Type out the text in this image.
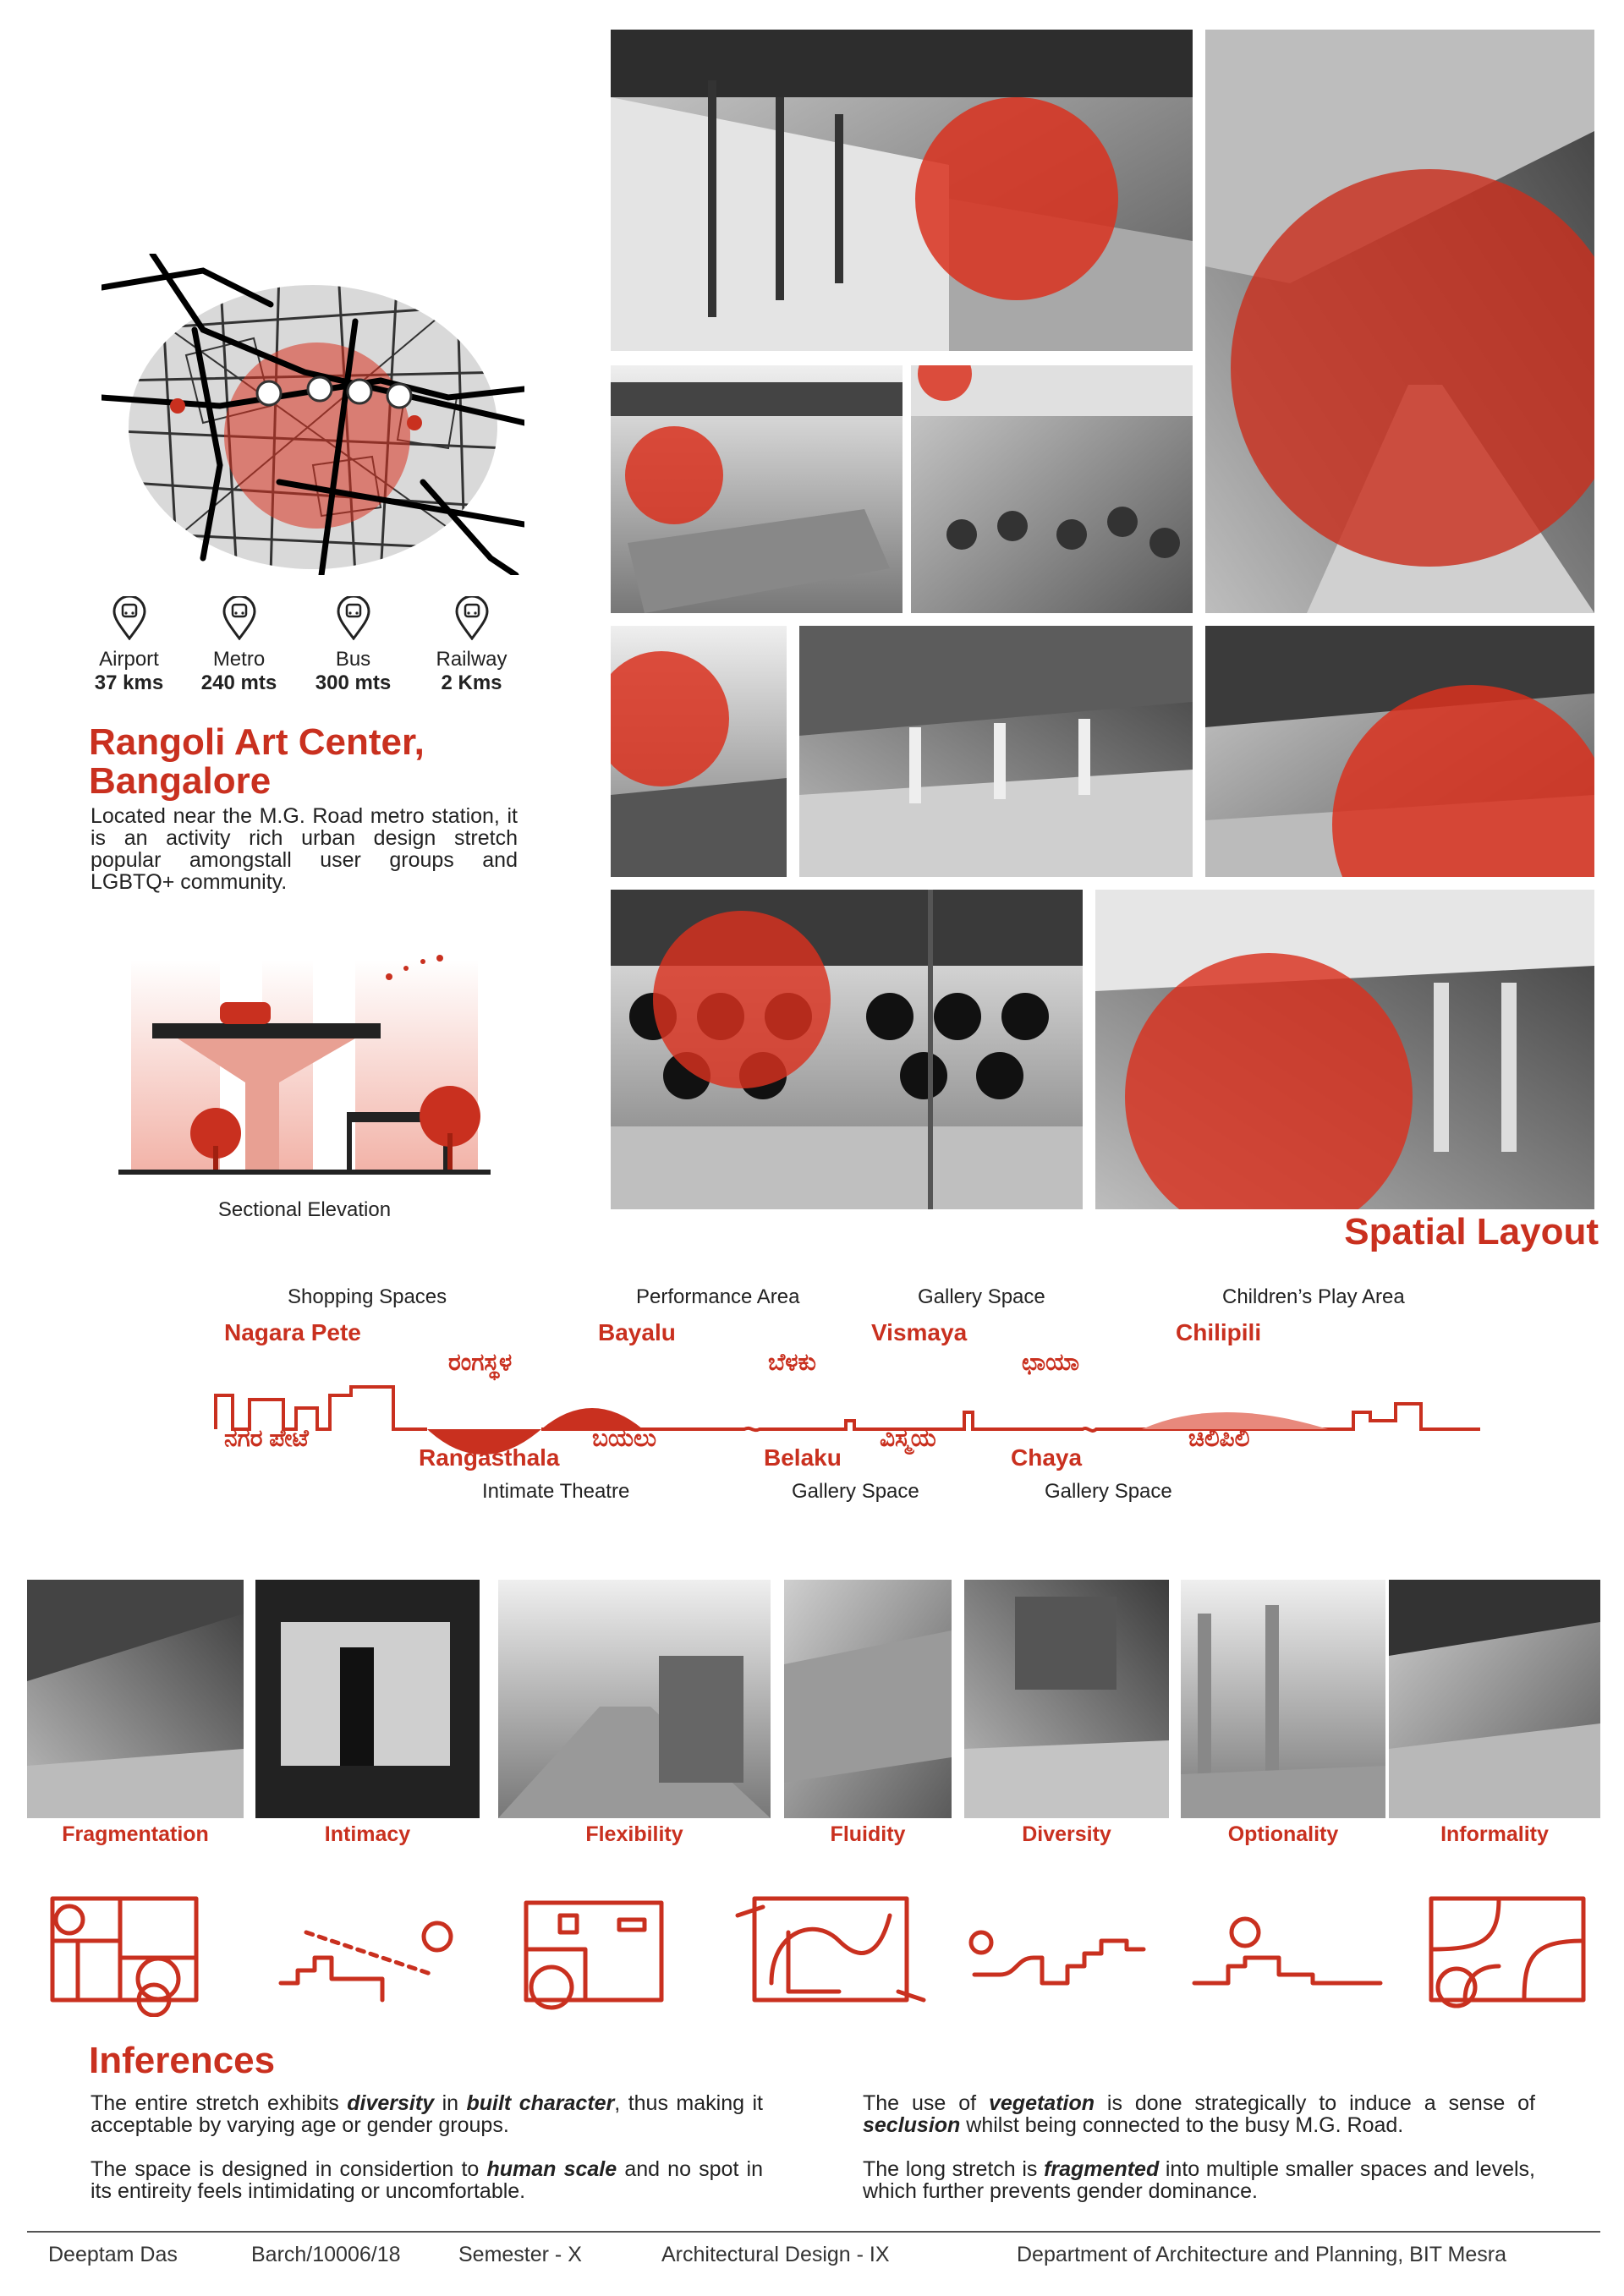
Airport
37 kms
Metro
240 mts
Bus
300 mts
Railway
2 Kms
Rangoli Art Center,
Bangalore
Located near the M.G. Road metro station, it is an activity rich urban design stretch popular amongstall user groups and LGBTQ+ community.
Sectional Elevation
Spatial Layout
Shopping Spaces
Nagara Pete
Performance Area
Bayalu
Gallery Space
Vismaya
Children’s Play Area
Chilipili
ರಂಗಸ್ಥಳ	ಬೆಳಕು	ಛಾಯಾ
ನಗರ ಪೇಟೆ	ಬಯಲು	ವಿಸ್ಮಯ	ಚಿಲಿಪಿಲಿ
Rangasthala
Intimate Theatre
Belaku
Gallery Space
Chaya
Gallery Space
Fragmentation	Intimacy	Flexibility	Fluidity	Diversity	Optionality	Informality
Inferences
The entire stretch exhibits diversity in built character, thus making it acceptable by varying age or gender groups.
The space is designed in considertion to human scale and no spot in its entireity feels intimidating or uncomfortable.
The use of vegetation is done strategically to induce a sense of seclusion whilst being connected to the busy M.G. Road.
The long stretch is fragmented into multiple smaller spaces and levels, which further prevents gender dominance.
Deeptam Das	Barch/10006/18	Semester - X	Architectural Design - IX	Department of Architecture and Planning, BIT Mesra
